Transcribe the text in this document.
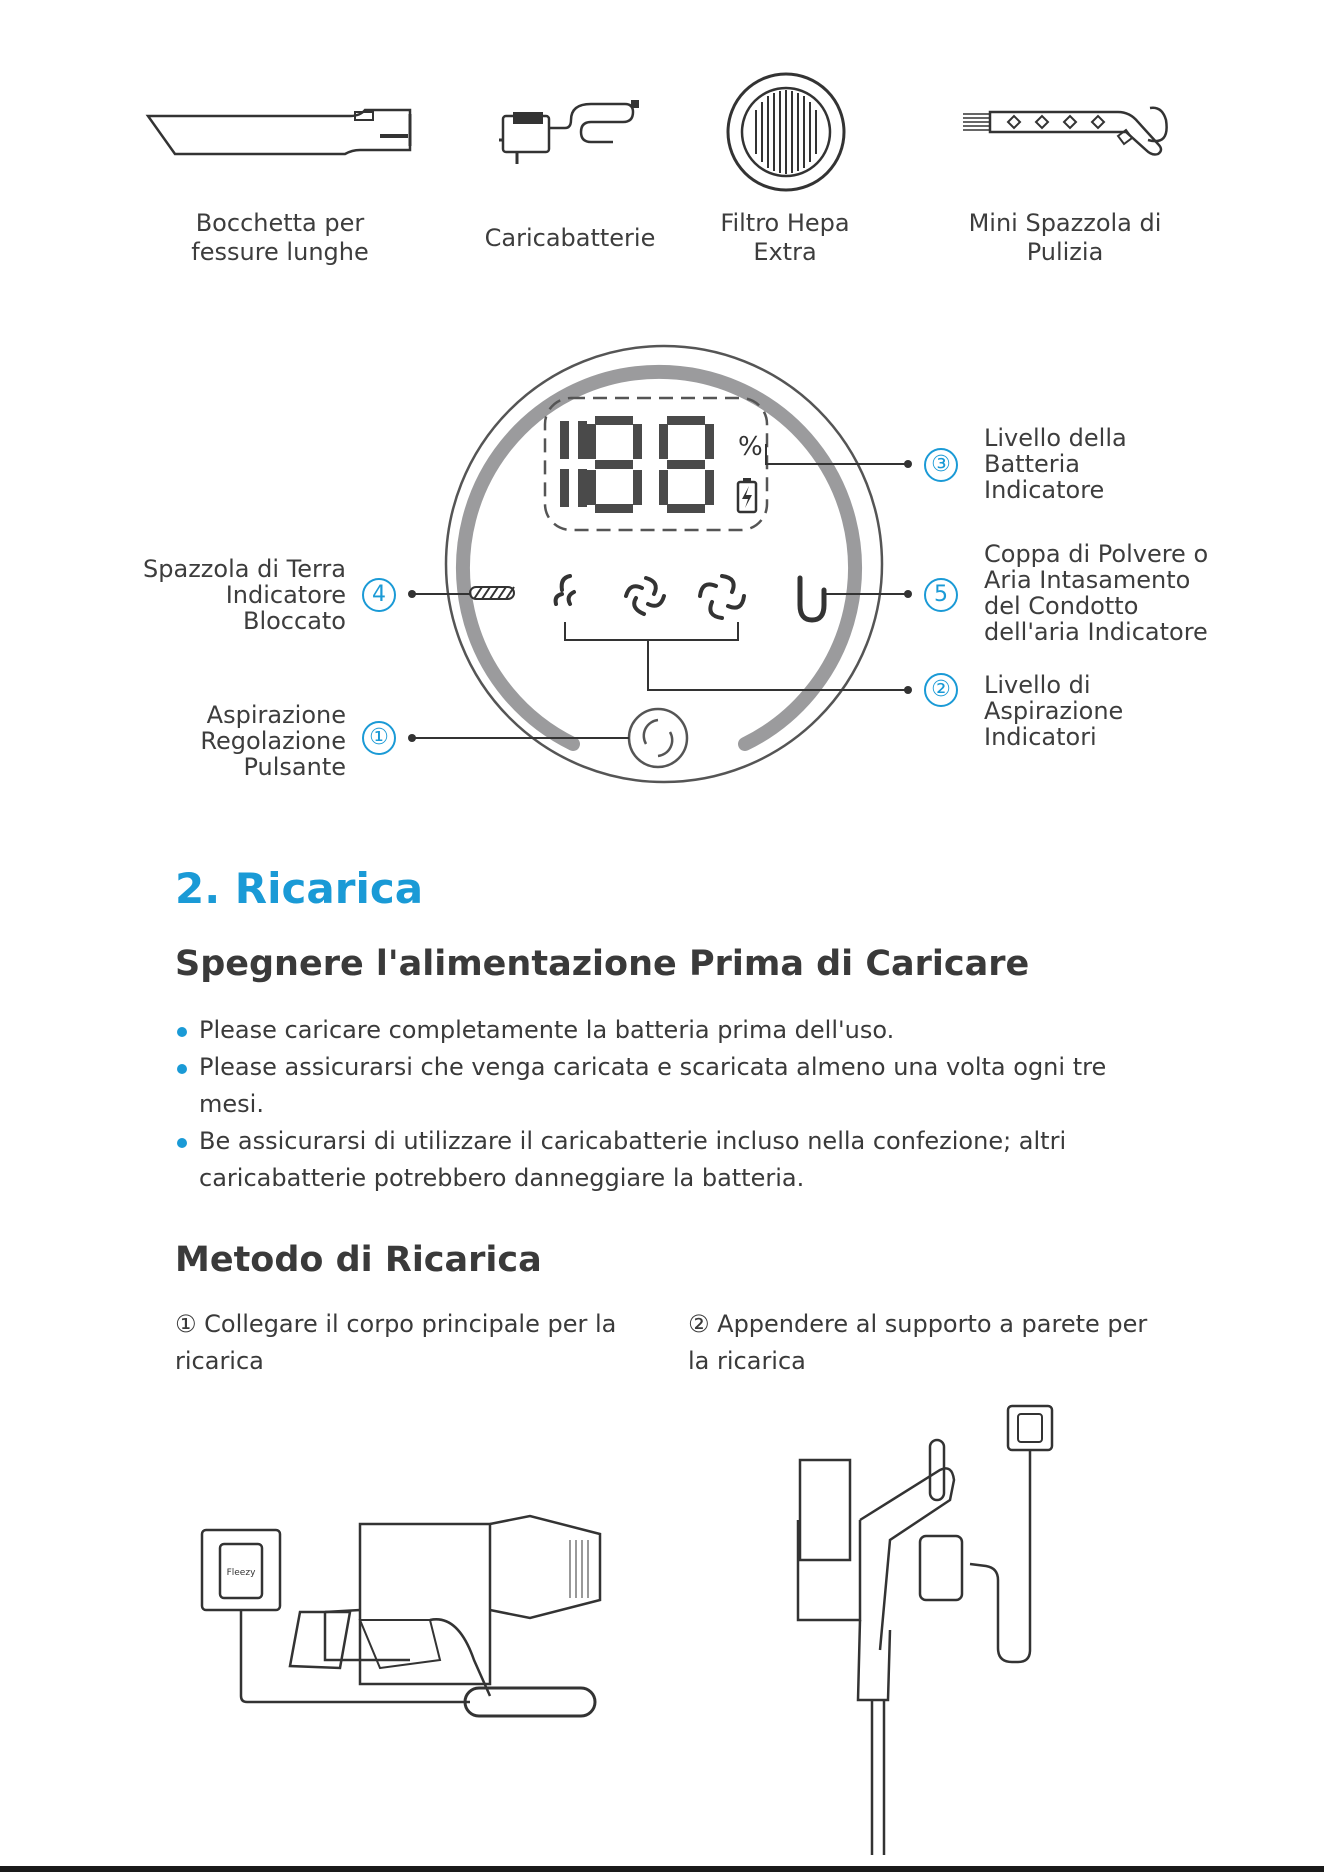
Bocchetta per
fessure lunghe	Caricabatterie
Filtro Hepa
Extra
Mini Spazzola di
Pulizia
%
③
4	5
②
①
Livello della
Batteria
Indicatore
Coppa di Polvere o
Aria Intasamento
del Condotto
dell'aria Indicatore
Livello di
Aspirazione
Indicatori
Spazzola di Terra
Indicatore
Bloccato
Aspirazione
Regolazione
Pulsante
2. Ricarica
Spegnere l'alimentazione Prima di Caricare
Please caricare completamente la batteria prima dell'uso.
Please assicurarsi che venga caricata e scaricata almeno una volta ogni tre mesi.
Be assicurarsi di utilizzare il caricabatterie incluso nella confezione; altri caricabatterie potrebbero danneggiare la batteria.
Metodo di Ricarica
① Collegare il corpo principale per la ricarica
② Appendere al supporto a parete per la ricarica
Fleezy
